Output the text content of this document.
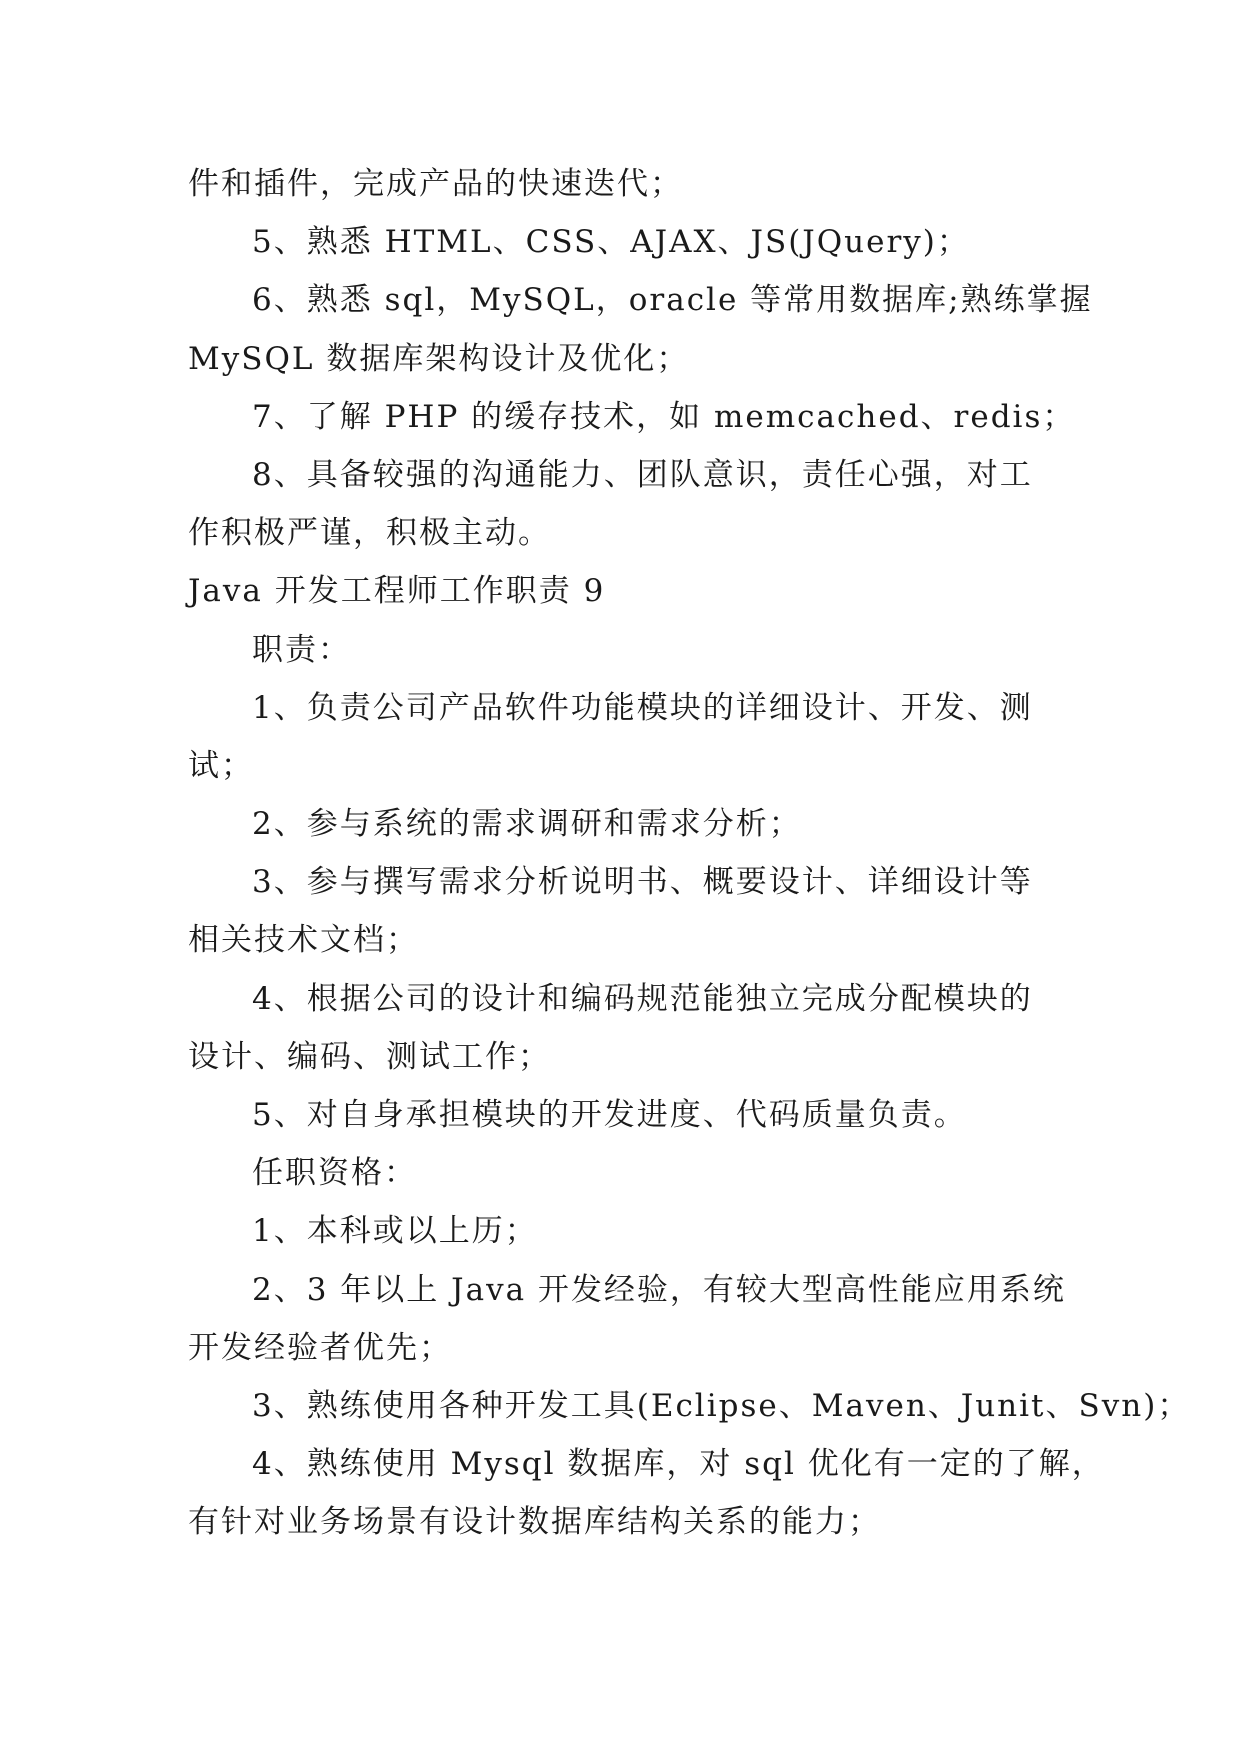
件和插件，完成产品的快速迭代；
5、熟悉 HTML、CSS、AJAX、JS(JQuery)；
6、熟悉 sql，MySQL，oracle 等常用数据库;熟练掌握
MySQL 数据库架构设计及优化；
7、了解 PHP 的缓存技术，如 memcached、redis；
8、具备较强的沟通能力、团队意识，责任心强，对工
作积极严谨，积极主动。
Java 开发工程师工作职责 9
职责：
1、负责公司产品软件功能模块的详细设计、开发、测
试；
2、参与系统的需求调研和需求分析；
3、参与撰写需求分析说明书、概要设计、详细设计等
相关技术文档；
4、根据公司的设计和编码规范能独立完成分配模块的
设计、编码、测试工作；
5、对自身承担模块的开发进度、代码质量负责。
任职资格：
1、本科或以上历；
2、3 年以上 Java 开发经验，有较大型高性能应用系统
开发经验者优先；
3、熟练使用各种开发工具(Eclipse、Maven、Junit、Svn)；
4、熟练使用 Mysql 数据库，对 sql 优化有一定的了解，
有针对业务场景有设计数据库结构关系的能力；
